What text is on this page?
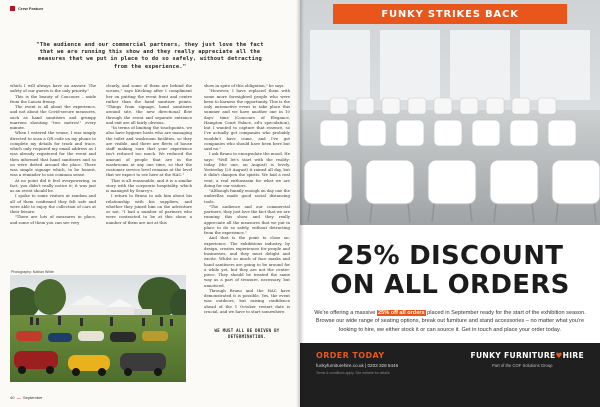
Crew Feature
"The audience and our commercial partners, they just love the fact that we are running this show and they really appreciate all the measures that we put in place to do so safely, without detracting from the experience."

which I will always have an answer. The safety of our guests is the only priority."

This is the beauty of Concours – aside from the Lancia frenzy.

The event is all about the experience, and not about the Covid-secure measures, such as hand sanitisers and grumpy marrons shouting "two metres!" every minute.

When I entered the venue, I was simply directed to scan a QR code on my phone to complete my details for track and trace, which only required my email address as I was already registered for the event and then informed that hand sanitisers and so on were dotted around the place. There was simple signage which, to be honest, was a reminder to use common sense.

At no point did it feel overpowering, in fact, you didn't really notice it; it was just as an event should be.

I spoke to some visitors at random and all of them confirmed they felt safe and were able to enjoy the collection of cars at their leisure.

"There are lots of measures in place, and some of them you can see very

clearly, and some of them are behind the scenes," says Kitching after I compliment her on putting the event front and centre rather than the hand sanitiser points. "Things from signage, hand sanitisers around site, the new directional flow through the event and separate entrance and exit are all fairly obvious.

"In terms of limiting the touchpoints, we also have hygiene hosts who are managing the toilet and washroom facilities, so they are visible, and there are fleets of house staff making sure that your experience isn't reduced too much. We reduced the amount of people that are in the washrooms at any one time, so that the customer service level remains at the level that we expect to see here at the HAC."

That is all reasonable, and it is a similar story with the corporate hospitality, which is managed by Searcy's.

I return to Bruno to ask him about his relationship with his suppliers, and whether they joined him on the adventure or not. "I had a number of partners who were contracted to be at this show, a number of them are not at this

show in spite of this obligation," he says.

"However, I have replaced them with some more foresighted people who were keen to harness the opportunity. This is the only automotive event to take place this summer and we have another one in 10 days' time (Concours of Elegance, Hampton Court Palace, ed's speculation), but I wanted to capture that essence, so I've actually got companies who probably wouldn't have come, and I've got companies who should have been here but said no."

I ask Bruno to encapsulate the mood. He says: "Well let's start with the reality: today (the one, on August) is lovely. Yesterday (29 August) it rained all day, but it didn't dampen the spirits. We had a real vent, a real enthusiasm for what we are doing for our visitors.

"Although funnily enough on day one the umbrellas made good social distancing tools.

"The audience and our commercial partners, they just love the fact that we are running this show and they really appreciate all the measures that we put in place to do so safely, without detracting from the experience."

And that is the point to close on: experience. The exhibitions industry, by design, creates experiences for people and businesses, and they must delight and excite. Whilst so much of face masks and hand sanitisers are going to be around for a while yet, but they are not the centre-piece. They should be treated the same way as a part of treasure, necessary, but unnoticed.

Through Bruno and the HAC have demonstrated it is possible. Yes, the event was outdoors, but raising confidence ahead of the 1 October restart date is crucial, and we have to start somewhere.

WE MUST ALL BE DRIVEN BY DETERMINATION.
Photography: Nathan White
40  —  September
FUNKY STRIKES BACK
25% DISCOUNT
ON ALL ORDERS
We're offering a massive 25% off all orders placed in September ready for the start of the exhibition season. Browse our wide range of seating options, break out furniture and stand accessories – no matter what you're looking to hire, we either stock it or can source it. Get in touch and place your order today.
ORDER TODAY
funkyfurniturehire.co.uk | 0203 328 5446
Terms & conditions apply. See website for details.
FUNKY FURNITURE♥HIRE
Part of the COF Solutions Group
